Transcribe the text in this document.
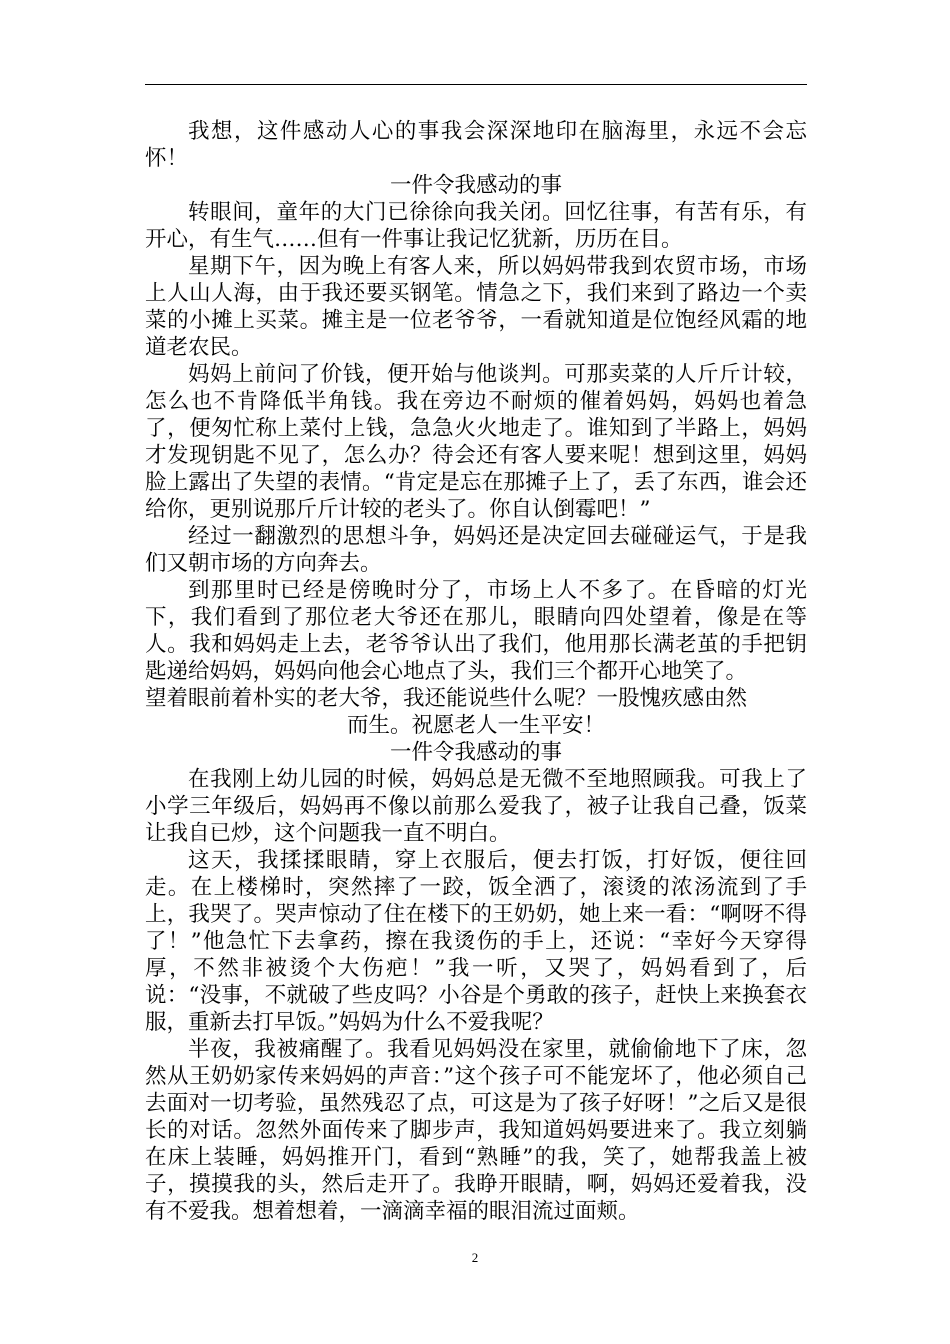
我想，这件感动人心的事我会深深地印在脑海里，永远不会忘怀！

一件令我感动的事

转眼间，童年的大门已徐徐向我关闭。回忆往事，有苦有乐，有开心，有生气……但有一件事让我记忆犹新，历历在目。

星期下午，因为晚上有客人来，所以妈妈带我到农贸市场，市场上人山人海，由于我还要买钢笔。情急之下，我们来到了路边一个卖菜的小摊上买菜。摊主是一位老爷爷，一看就知道是位饱经风霜的地道老农民。

妈妈上前问了价钱，便开始与他谈判。可那卖菜的人斤斤计较，怎么也不肯降低半角钱。我在旁边不耐烦的催着妈妈，妈妈也着急了，便匆忙称上菜付上钱，急急火火地走了。谁知到了半路上，妈妈才发现钥匙不见了，怎么办？待会还有客人要来呢！想到这里，妈妈脸上露出了失望的表情。“肯定是忘在那摊子上了，丢了东西，谁会还给你，更别说那斤斤计较的老头了。你自认倒霉吧！”

经过一翻激烈的思想斗争，妈妈还是决定回去碰碰运气，于是我们又朝市场的方向奔去。

到那里时已经是傍晚时分了，市场上人不多了。在昏暗的灯光下，我们看到了那位老大爷还在那儿，眼睛向四处望着，像是在等人。我和妈妈走上去，老爷爷认出了我们，他用那长满老茧的手把钥匙递给妈妈，妈妈向他会心地点了头，我们三个都开心地笑了。

望着眼前着朴实的老大爷，我还能说些什么呢？一股愧疚感由然

而生。祝愿老人一生平安！

一件令我感动的事

在我刚上幼儿园的时候，妈妈总是无微不至地照顾我。可我上了小学三年级后，妈妈再不像以前那么爱我了，被子让我自己叠，饭菜让我自已炒，这个问题我一直不明白。

这天，我揉揉眼睛，穿上衣服后，便去打饭，打好饭，便往回走。在上楼梯时，突然摔了一跤，饭全洒了，滚烫的浓汤流到了手上，我哭了。哭声惊动了住在楼下的王奶奶，她上来一看：“啊呀不得了！”他急忙下去拿药，擦在我烫伤的手上，还说：“幸好今天穿得厚，不然非被烫个大伤疤！”我一听，又哭了，妈妈看到了，后说：“没事，不就破了些皮吗？小谷是个勇敢的孩子，赶快上来换套衣服，重新去打早饭。”妈妈为什么不爱我呢？

半夜，我被痛醒了。我看见妈妈没在家里，就偷偷地下了床，忽然从王奶奶家传来妈妈的声音：”这个孩子可不能宠坏了，他必须自己去面对一切考验，虽然残忍了点，可这是为了孩子好呀！”之后又是很长的对话。忽然外面传来了脚步声，我知道妈妈要进来了。我立刻躺在床上装睡，妈妈推开门，看到“熟睡”的我，笑了，她帮我盖上被子，摸摸我的头，然后走开了。我睁开眼睛，啊，妈妈还爱着我，没有不爱我。想着想着，一滴滴幸福的眼泪流过面颊。

2
